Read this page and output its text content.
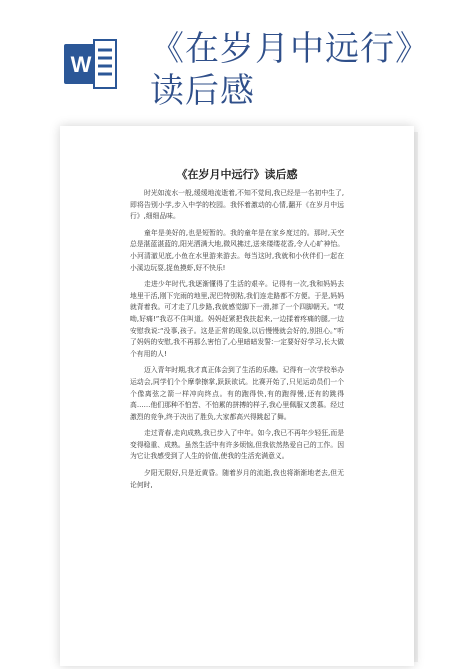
W 《在岁月中远行》
读后感
《在岁月中远行》读后感

时光如流水一般,缓缓地流逝着,不知不觉间,我已经是一名初中生了,即将告别小学,步入中学的校园。我怀着激动的心情,翻开《在岁月中远行》,细细品味。

童年是美好的,也是短暂的。我的童年是在家乡度过的。那时,天空总是湛蓝湛蓝的,阳光洒满大地,微风拂过,送来缕缕花香,令人心旷神怡。小河清澈见底,小鱼在水里游来游去。每当这时,我就和小伙伴们一起在小溪边玩耍,捉鱼摸虾,好不快乐!

走进少年时代,我逐渐懂得了生活的艰辛。记得有一次,我和妈妈去地里干活,刚下完雨的地里,泥巴特别粘,我们连走路都不方便。于是,妈妈就背着我。可才走了几步路,我就感觉脚下一滑,摔了一个四脚朝天。“哎呦,好痛!”我忍不住叫道。妈妈赶紧把我扶起来,一边揉着疼痛的腿,一边安慰我说:“没事,孩子。这是正常的现象,以后慢慢就会好的,别担心。”听了妈妈的安慰,我不再那么害怕了,心里暗暗发誓:一定要好好学习,长大做个有用的人!

迈入青年时期,我才真正体会到了生活的乐趣。记得有一次学校举办运动会,同学们个个摩拳擦掌,跃跃欲试。比赛开始了,只见运动员们一个个像离弦之箭一样冲向终点。有的跑得快,有的跑得慢,还有的跳得高……他们那种不怕苦、不怕累的拼搏的样子,我心里佩服又羡慕。经过激烈的竞争,终于决出了胜负,大家都高兴得跳起了舞。

走过青春,走向成熟,我已步入了中年。如今,我已不再年少轻狂,而是变得稳重、成熟。虽然生活中有许多烦恼,但我依然热爱自己的工作。因为它让我感受到了人生的价值,使我的生活充满意义。

夕阳无限好,只是近黄昏。随着岁月的流逝,我也将渐渐地老去,但无论何时,
